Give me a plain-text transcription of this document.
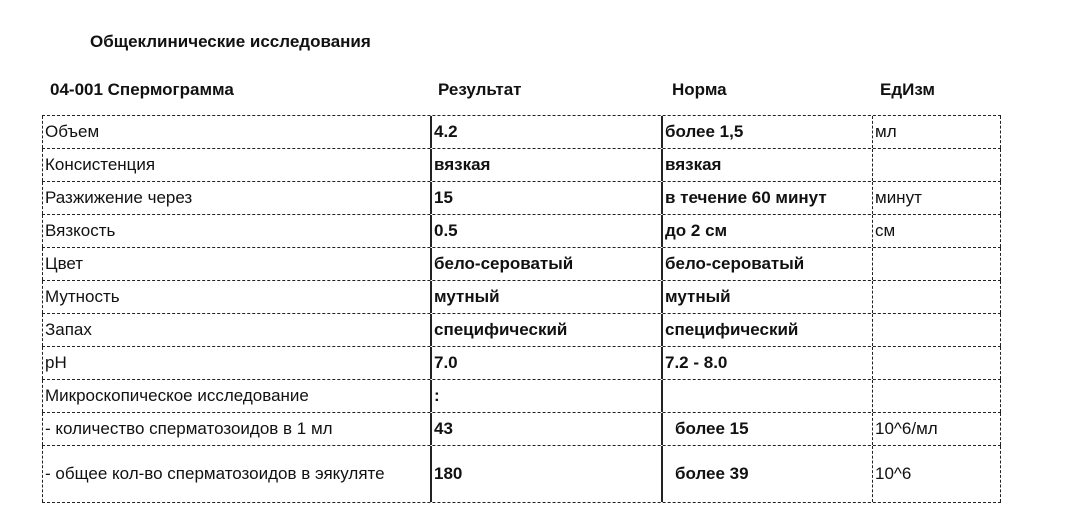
Общеклинические исследования
04-001 Спермограмма	Результат	Норма	ЕдИзм
Объем	4.2	более 1,5	мл
Консистенция	вязкая	вязкая
Разжижение через	15	в течение 60 минут	минут
Вязкость	0.5	до 2 см	см
Цвет	бело-сероватый	бело-сероватый
Мутность	мутный	мутный
Запах	специфический	специфический
pH	7.0	7.2 - 8.0
Микроскопическое исследование	:
- количество сперматозоидов в 1 мл	43	более 15	10^6/мл
- общее кол-во сперматозоидов в эякуляте	180	более 39	10^6
